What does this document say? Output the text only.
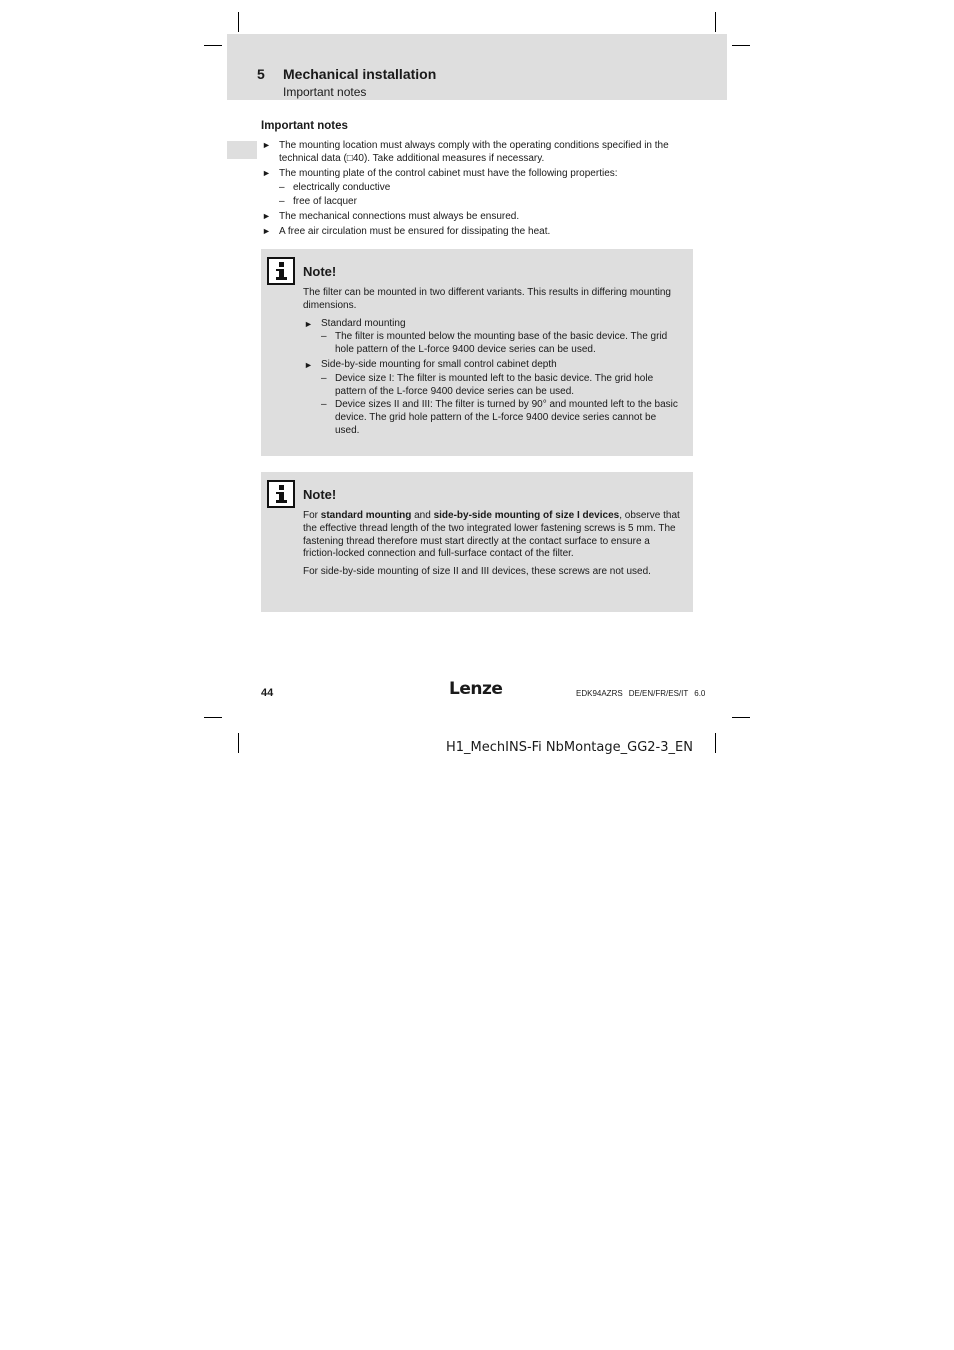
5 Mechanical installation
Important notes
Important notes
► The mounting location must always comply with the operating conditions specified in the technical data (□40). Take additional measures if necessary.
► The mounting plate of the control cabinet must have the following properties:
– electrically conductive
– free of lacquer
► The mechanical connections must always be ensured.
► A free air circulation must be ensured for dissipating the heat.
Note!

The filter can be mounted in two different variants. This results in differing mounting dimensions.

► Standard mounting
– The filter is mounted below the mounting base of the basic device. The grid hole pattern of the L-force 9400 device series can be used.
► Side-by-side mounting for small control cabinet depth
– Device size I: The filter is mounted left to the basic device. The grid hole pattern of the L-force 9400 device series can be used.
– Device sizes II and III: The filter is turned by 90° and mounted left to the basic device. The grid hole pattern of the L-force 9400 device series cannot be used.
Note!

For standard mounting and side-by-side mounting of size I devices, observe that the effective thread length of the two integrated lower fastening screws is 5 mm. The fastening thread therefore must start directly at the contact surface to ensure a friction-locked connection and full-surface contact of the filter.

For side-by-side mounting of size II and III devices, these screws are not used.

44	Lenze	EDK94AZRS DE/EN/FR/ES/IT 6.0
H1_MechINS-Fi NbMontage_GG2-3_EN
